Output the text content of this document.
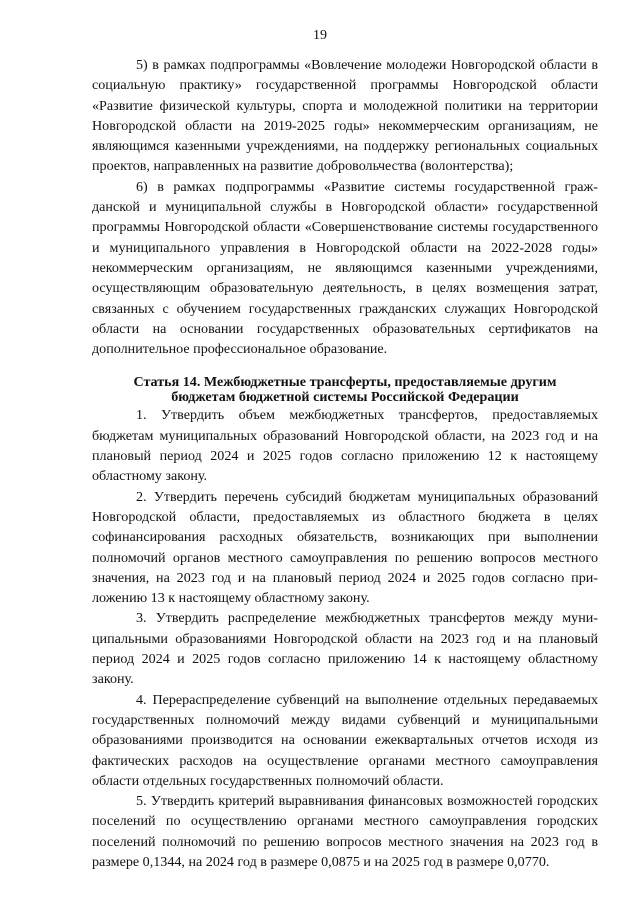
19

5) в рамках подпрограммы «Вовлечение молодежи Новгородской области в социальную практику» государственной программы Новгородской области «Развитие физической культуры, спорта и молодежной политики на территории Новгородской области на 2019-2025 годы» некоммерческим организациям, не являющимся казенными учреждениями, на поддержку региональных социальных проектов, направленных на развитие добровольчества (волонтерства);

6) в рамках подпрограммы «Развитие системы государственной гражданской и муниципальной службы в Новгородской области» государственной программы Новгородской области «Совершенствование системы государственного и муниципального управления в Новгородской области на 2022-2028 годы» некоммерческим организациям, не являющимся казенными учреждениями, осуществляющим образовательную деятельность, в целях возмещения затрат, связанных с обучением государственных гражданских служащих Новгородской области на основании государственных образовательных сертификатов на дополнительное профессиональное образование.

Статья 14. Межбюджетные трансферты, предоставляемые другим
бюджетам бюджетной системы Российской Федерации

1. Утвердить объем межбюджетных трансфертов, предоставляемых бюджетам муниципальных образований Новгородской области, на 2023 год и на плановый период 2024 и 2025 годов согласно приложению 12 к настоящему областному закону.

2. Утвердить перечень субсидий бюджетам муниципальных образований Новгородской области, предоставляемых из областного бюджета в целях софинансирования расходных обязательств, возникающих при выполнении полномочий органов местного самоуправления по решению вопросов местного значения, на 2023 год и на плановый период 2024 и 2025 годов согласно приложению 13 к настоящему областному закону.

3. Утвердить распределение межбюджетных трансфертов между муниципальными образованиями Новгородской области на 2023 год и на плановый период 2024 и 2025 годов согласно приложению 14 к настоящему областному закону.

4. Перераспределение субвенций на выполнение отдельных передаваемых государственных полномочий между видами субвенций и муниципальными образованиями производится на основании ежеквартальных отчетов исходя из фактических расходов на осуществление органами местного самоуправления области отдельных государственных полномочий области.

5. Утвердить критерий выравнивания финансовых возможностей городских поселений по осуществлению органами местного самоуправления городских поселений полномочий по решению вопросов местного значения на 2023 год в размере 0,1344, на 2024 год в размере 0,0875 и на 2025 год в размере 0,0770.
